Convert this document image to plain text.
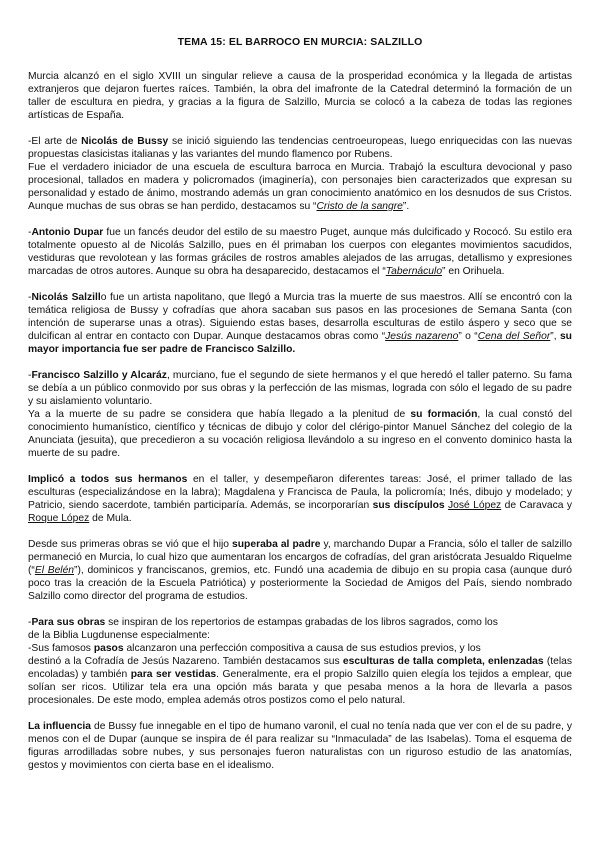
TEMA 15: EL BARROCO EN MURCIA: SALZILLO

Murcia alcanzó en el siglo XVIII un singular relieve a causa de la prosperidad económica y la llegada de artistas extranjeros que dejaron fuertes raíces. También, la obra del imafronte de la Catedral determinó la formación de un taller de escultura en piedra, y gracias a la figura de Salzillo, Murcia se colocó a la cabeza de todas las regiones artísticas de España.

-El arte de Nicolás de Bussy se inició siguiendo las tendencias centroeuropeas, luego enriquecidas con las nuevas propuestas clasicistas italianas y las variantes del mundo flamenco por Rubens.

Fue el verdadero iniciador de una escuela de escultura barroca en Murcia. Trabajó la escultura devocional y paso procesional, tallados en madera y policromados (imaginería), con personajes bien caracterizados que expresan su personalidad y estado de ánimo, mostrando además un gran conocimiento anatómico en los desnudos de sus Cristos. Aunque muchas de sus obras se han perdido, destacamos su “Cristo de la sangre”.

-Antonio Dupar fue un fancés deudor del estilo de su maestro Puget, aunque más dulcificado y Rococó. Su estilo era totalmente opuesto al de Nicolás Salzillo, pues en él primaban los cuerpos con elegantes movimientos sacudidos, vestiduras que revolotean y las formas gráciles de rostros amables alejados de las arrugas, detallismo y expresiones marcadas de otros autores. Aunque su obra ha desaparecido, destacamos el “Tabernáculo” en Orihuela.

-Nicolás Salzillo fue un artista napolitano, que llegó a Murcia tras la muerte de sus maestros. Allí se encontró con la temática religiosa de Bussy y cofradías que ahora sacaban sus pasos en las procesiones de Semana Santa (con intención de superarse unas a otras). Siguiendo estas bases, desarrolla esculturas de estilo áspero y seco que se dulcifican al entrar en contacto con Dupar. Aunque destacamos obras como “Jesús nazareno” o “Cena del Señor”, su mayor importancia fue ser padre de Francisco Salzillo.

-Francisco Salzillo y Alcaráz, murciano, fue el segundo de siete hermanos y el que heredó el taller paterno. Su fama se debía a un público conmovido por sus obras y la perfección de las mismas, lograda con sólo el legado de su padre y su aislamiento voluntario.

Ya a la muerte de su padre se considera que había llegado a la plenitud de su formación, la cual constó del conocimiento humanístico, científico y técnicas de dibujo y color del clérigo-pintor Manuel Sánchez del colegio de la Anunciata (jesuita), que precedieron a su vocación religiosa llevándolo a su ingreso en el convento dominico hasta la muerte de su padre.

Implicó a todos sus hermanos en el taller, y desempeñaron diferentes tareas: José, el primer tallado de las esculturas (especializándose en la labra); Magdalena y Francisca de Paula, la policromía; Inés, dibujo y modelado; y Patricio, siendo sacerdote, también participaría. Además, se incorporarían sus discípulos José López de Caravaca y Roque López de Mula.

Desde sus primeras obras se vió que el hijo superaba al padre y, marchando Dupar a Francia, sólo el taller de salzillo permaneció en Murcia, lo cual hizo que aumentaran los encargos de cofradías, del gran aristócrata Jesualdo Riquelme (“El Belén”), dominicos y franciscanos, gremios, etc. Fundó una academia de dibujo en su propia casa (aunque duró poco tras la creación de la Escuela Patriótica) y posteriormente la Sociedad de Amigos del País, siendo nombrado Salzillo como director del programa de estudios.

-Para sus obras se inspiran de los repertorios de estampas grabadas de los libros sagrados, como los

de la Biblia Lugdunense especialmente:

-Sus famosos pasos alcanzaron una perfección compositiva a causa de sus estudios previos, y los

destinó a la Cofradía de Jesús Nazareno. También destacamos sus esculturas de talla completa, enlenzadas (telas encoladas) y también para ser vestidas. Generalmente, era el propio Salzillo quien elegía los tejidos a emplear, que solían ser ricos. Utilizar tela era una opción más barata y que pesaba menos a la hora de llevarla a pasos procesionales. De este modo, emplea además otros postizos como el pelo natural.

La influencia de Bussy fue innegable en el tipo de humano varonil, el cual no tenía nada que ver con el de su padre, y menos con el de Dupar (aunque se inspira de él para realizar su “Inmaculada” de las Isabelas). Toma el esquema de figuras arrodilladas sobre nubes, y sus personajes fueron naturalistas con un riguroso estudio de las anatomías, gestos y movimientos con cierta base en el idealismo.
